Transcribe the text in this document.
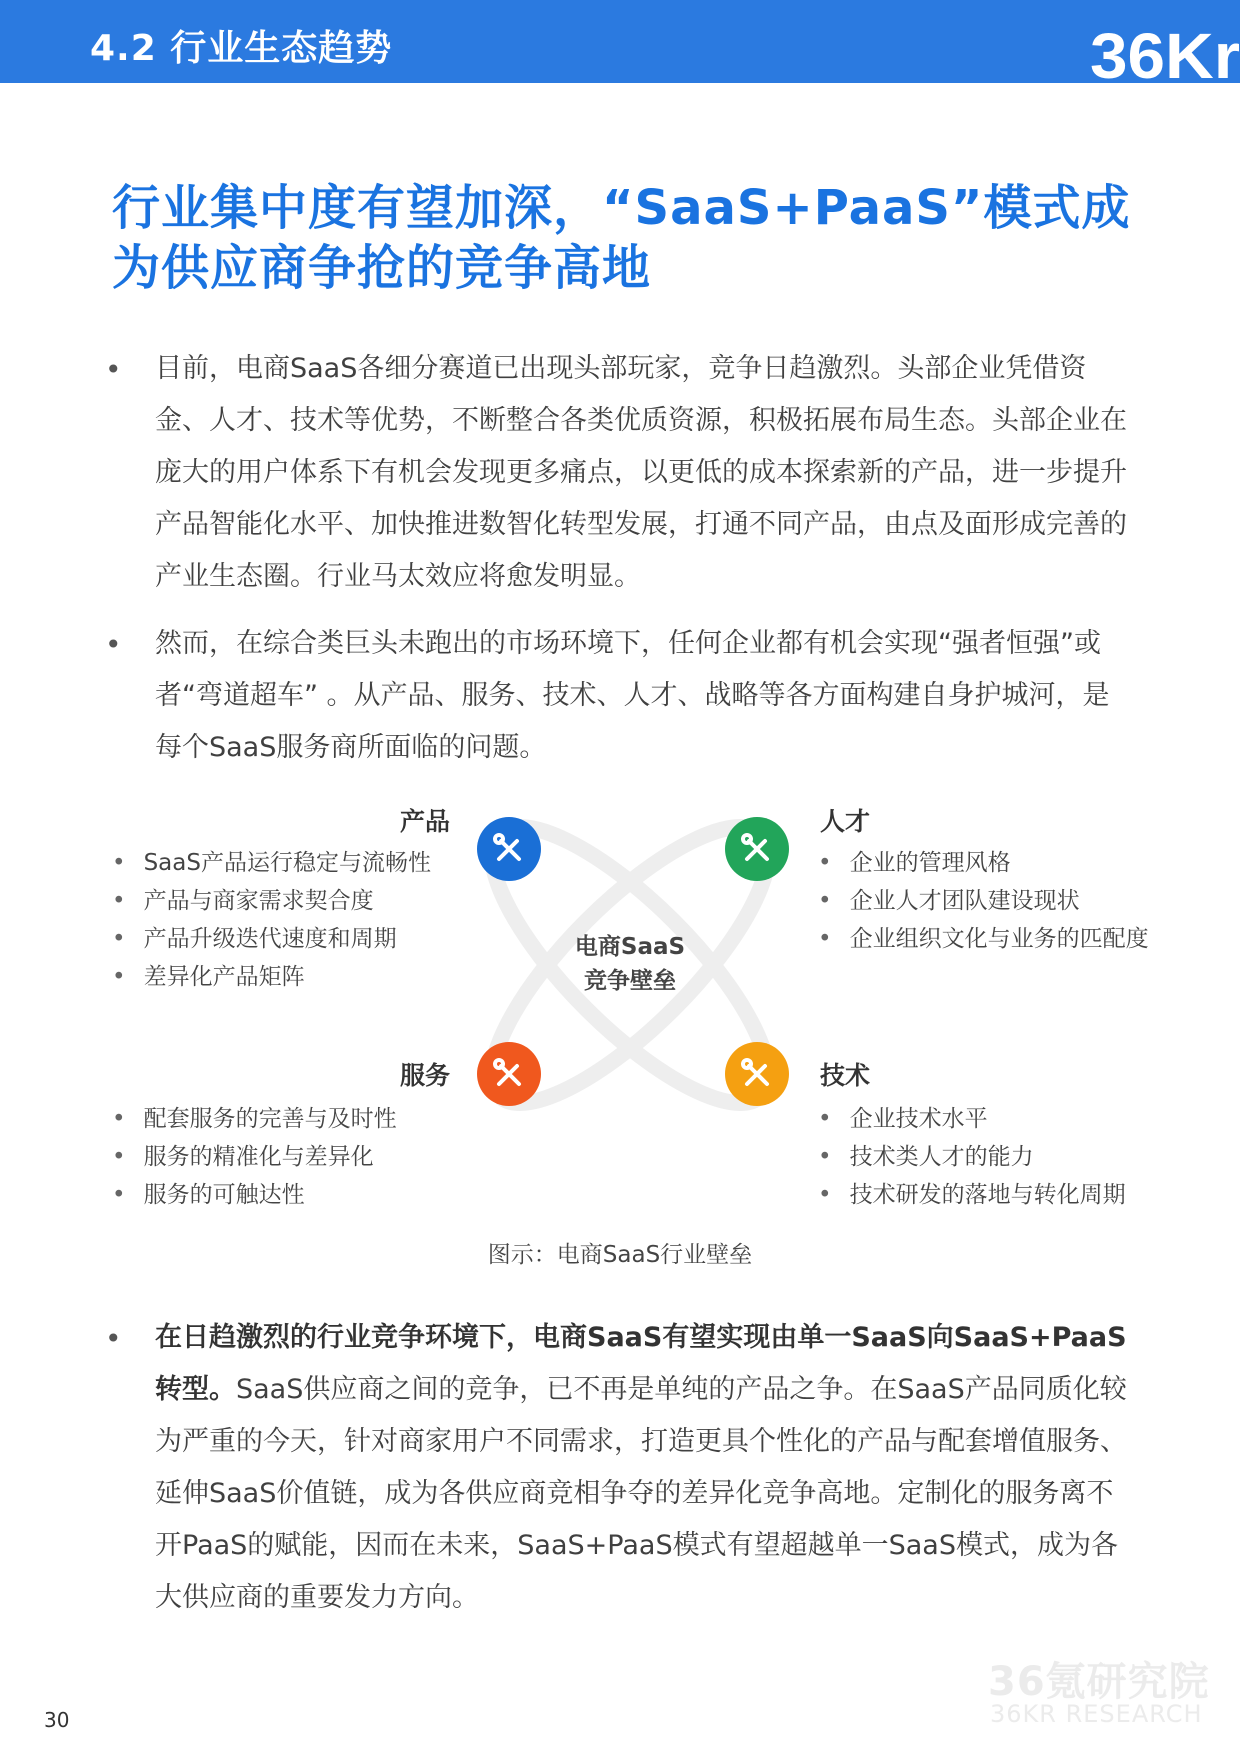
4.2 行业生态趋势	36Kr
行业集中度有望加深，“SaaS+PaaS”模式成为供应商争抢的竞争高地
• 目前，电商SaaS各细分赛道已出现头部玩家，竞争日趋激烈。头部企业凭借资金、人才、技术等优势，不断整合各类优质资源，积极拓展布局生态。头部企业在庞大的用户体系下有机会发现更多痛点，以更低的成本探索新的产品，进一步提升产品智能化水平、加快推进数智化转型发展，打通不同产品，由点及面形成完善的产业生态圈。行业马太效应将愈发明显。

• 然而，在综合类巨头未跑出的市场环境下，任何企业都有机会实现“强者恒强”或者“弯道超车” 。从产品、服务、技术、人才、战略等各方面构建自身护城河，是每个SaaS服务商所面临的问题。

电商SaaS
竞争壁垒
产品
• SaaS产品运行稳定与流畅性
• 产品与商家需求契合度
• 产品升级迭代速度和周期
• 差异化产品矩阵
人才
• 企业的管理风格
• 企业人才团队建设现状
• 企业组织文化与业务的匹配度
服务
• 配套服务的完善与及时性
• 服务的精准化与差异化
• 服务的可触达性
技术
• 企业技术水平
• 技术类人才的能力
• 技术研发的落地与转化周期
图示：电商SaaS行业壁垒
• 在日趋激烈的行业竞争环境下，电商SaaS有望实现由单一SaaS向SaaS+PaaS转型。SaaS供应商之间的竞争，已不再是单纯的产品之争。在SaaS产品同质化较为严重的今天，针对商家用户不同需求，打造更具个性化的产品与配套增值服务、延伸SaaS价值链，成为各供应商竞相争夺的差异化竞争高地。定制化的服务离不开PaaS的赋能，因而在未来，SaaS+PaaS模式有望超越单一SaaS模式，成为各大供应商的重要发力方向。

36氪研究院
36KR RESEARCH
30
